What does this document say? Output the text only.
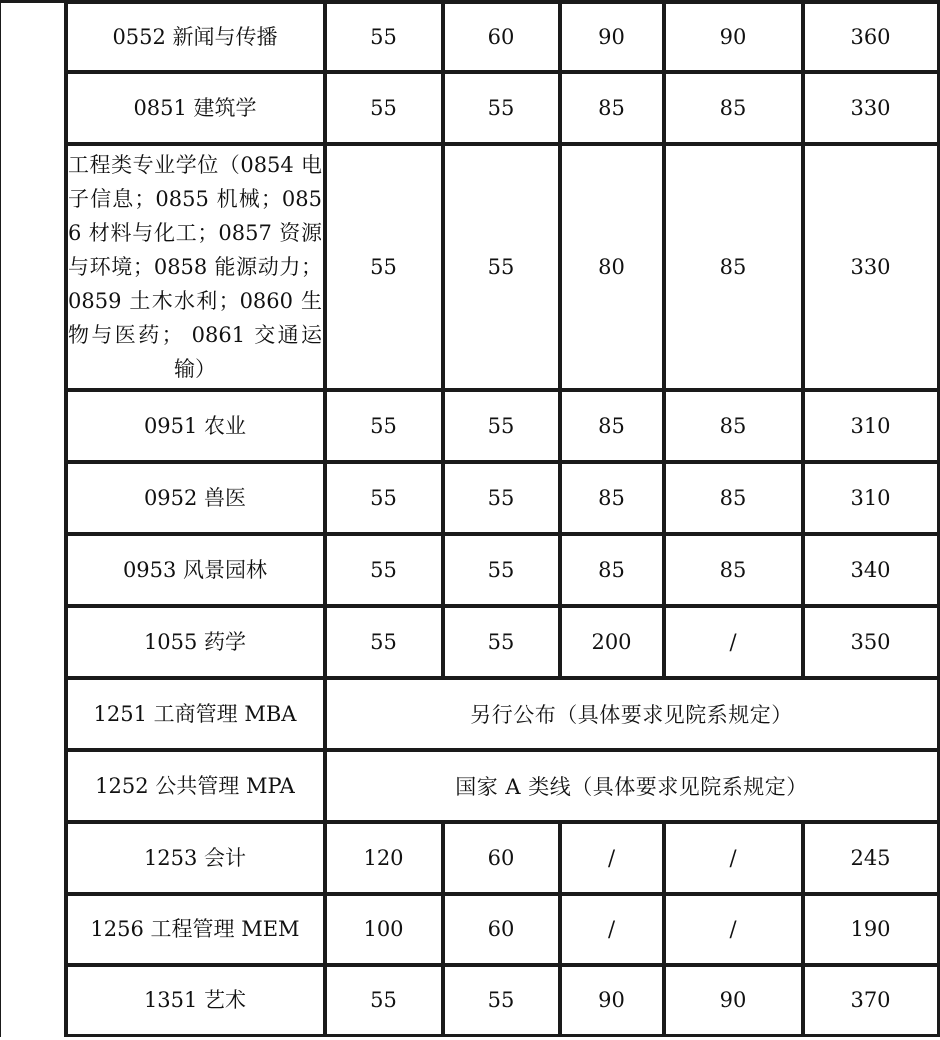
	0552 新闻与传播	55	60	90	90	360
	0851 建筑学	55	55	85	85	330
	工程类专业学位（0854 电子信息；0855 机械；0856 材料与化工；0857 资源与环境；0858 能源动力；0859 土木水利；0860 生物与医药； 0861 交通运输）	55	55	80	85	330
	0951 农业	55	55	85	85	310
	0952 兽医	55	55	85	85	310
	0953 风景园林	55	55	85	85	340
	1055 药学	55	55	200	/	350
	1251 工商管理 MBA	另行公布（具体要求见院系规定）				
	1252 公共管理 MPA	国家 A 类线（具体要求见院系规定）				
	1253 会计	120	60	/	/	245
	1256 工程管理 MEM	100	60	/	/	190
	1351 艺术	55	55	90	90	370
